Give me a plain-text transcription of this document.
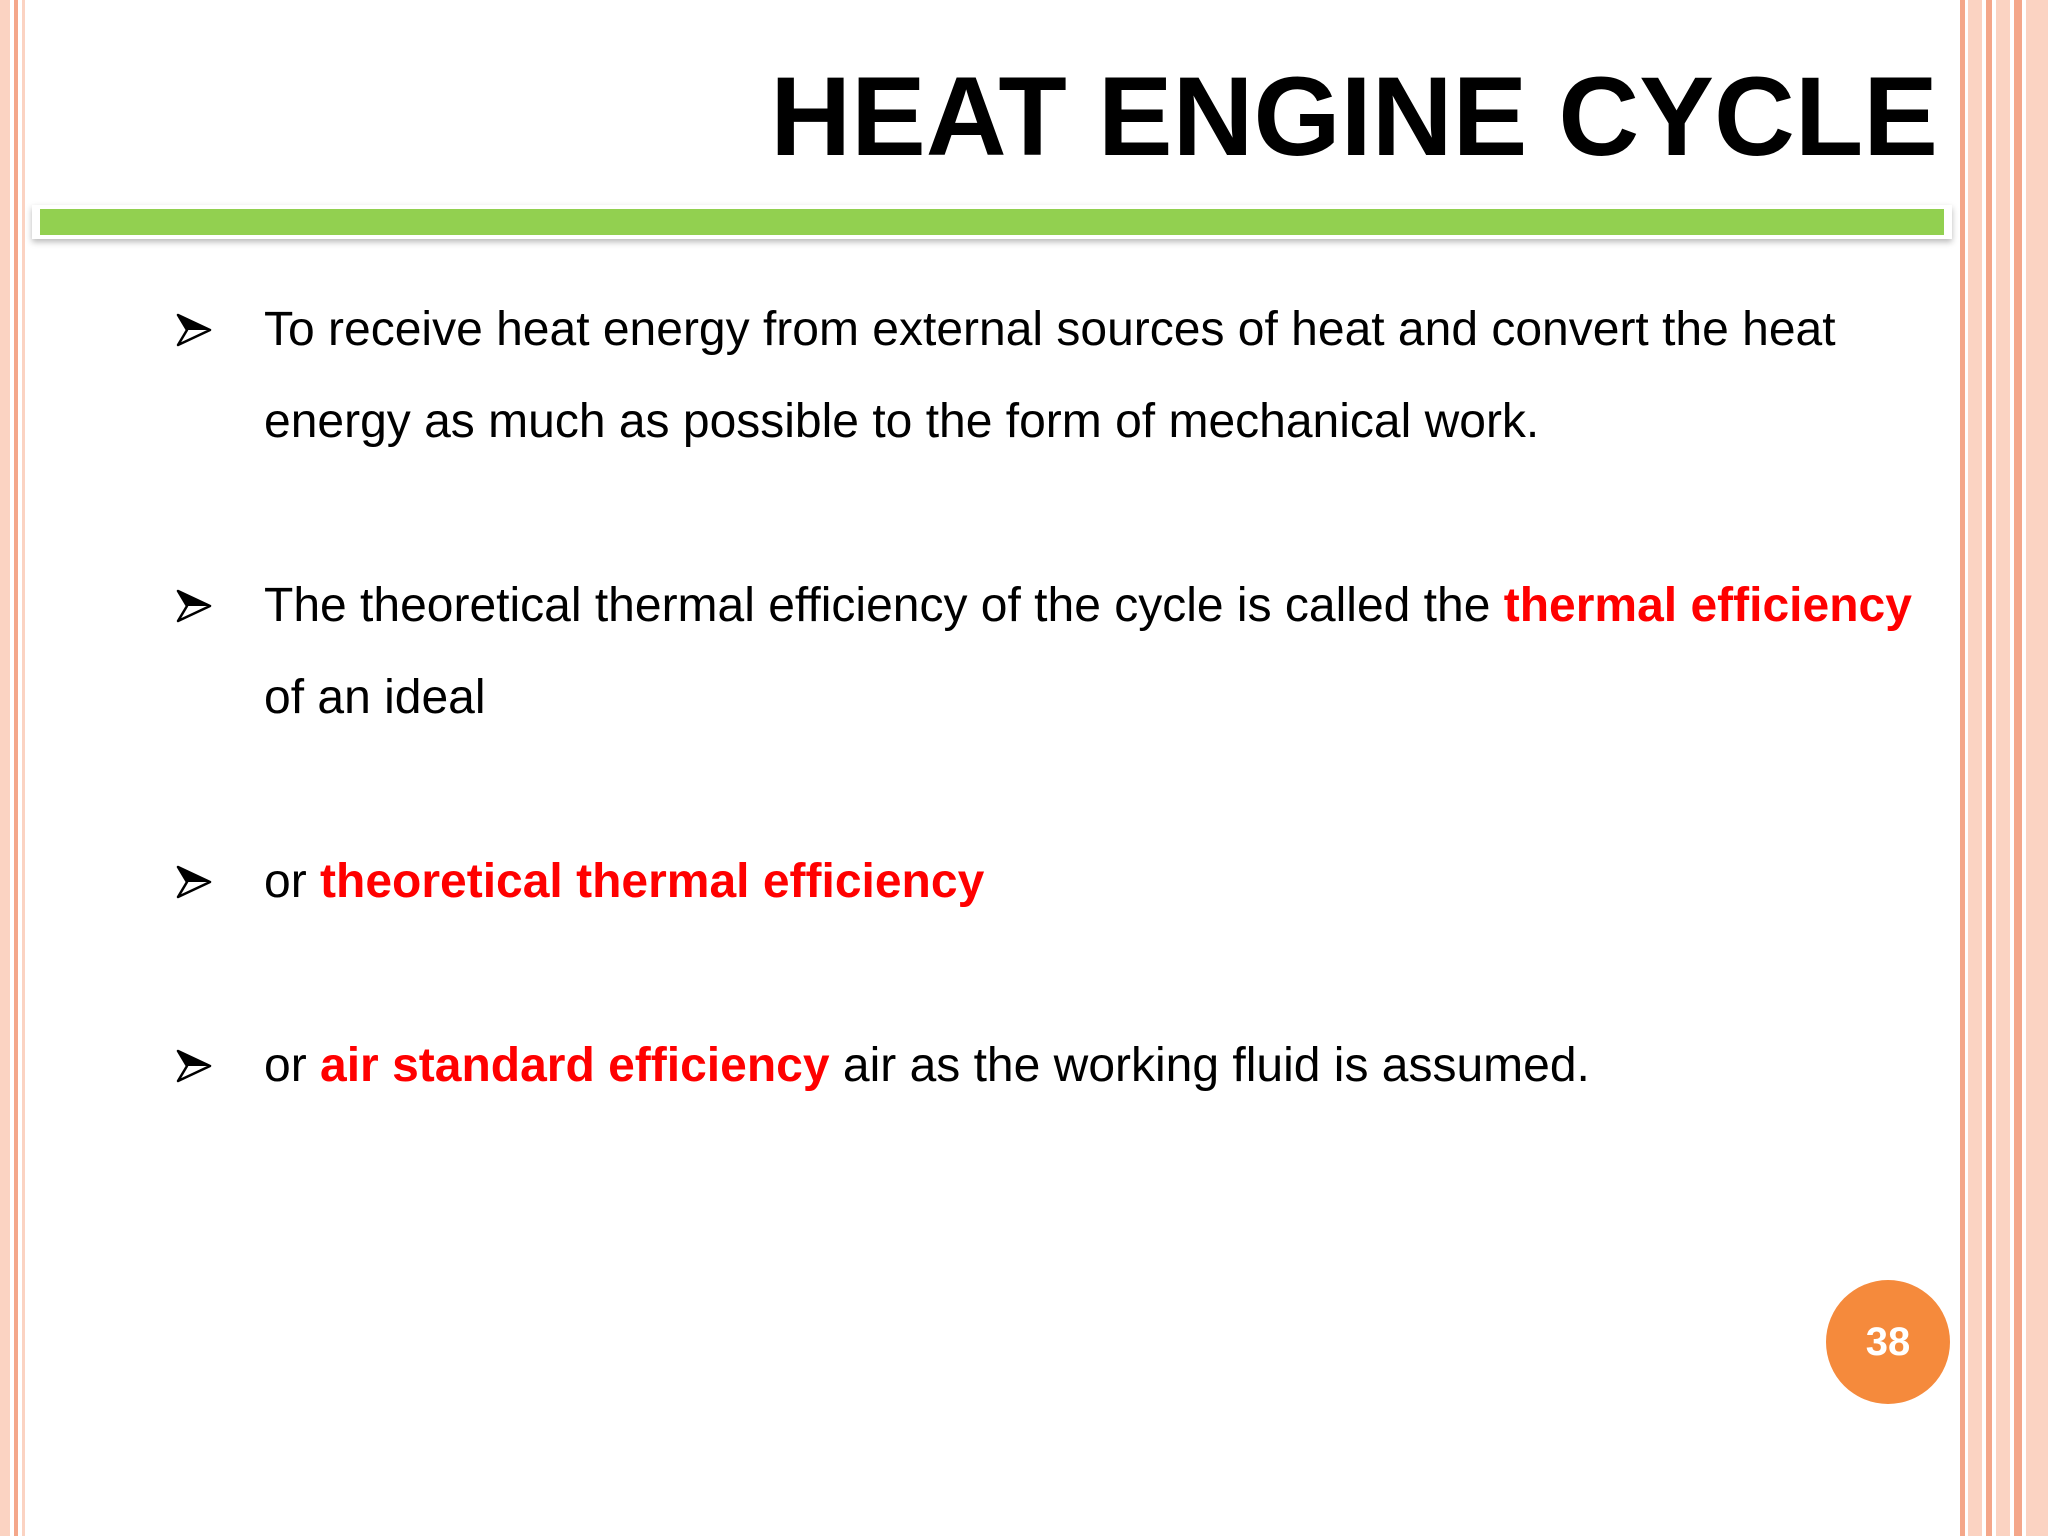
HEAT ENGINE CYCLE
To receive heat energy from external sources of heat and convert the heat energy as much as possible to the form of mechanical work.
The theoretical thermal efficiency of the cycle is called the thermal efficiency of an ideal
or theoretical thermal efficiency
or air standard efficiency air as the working fluid is assumed.
38
